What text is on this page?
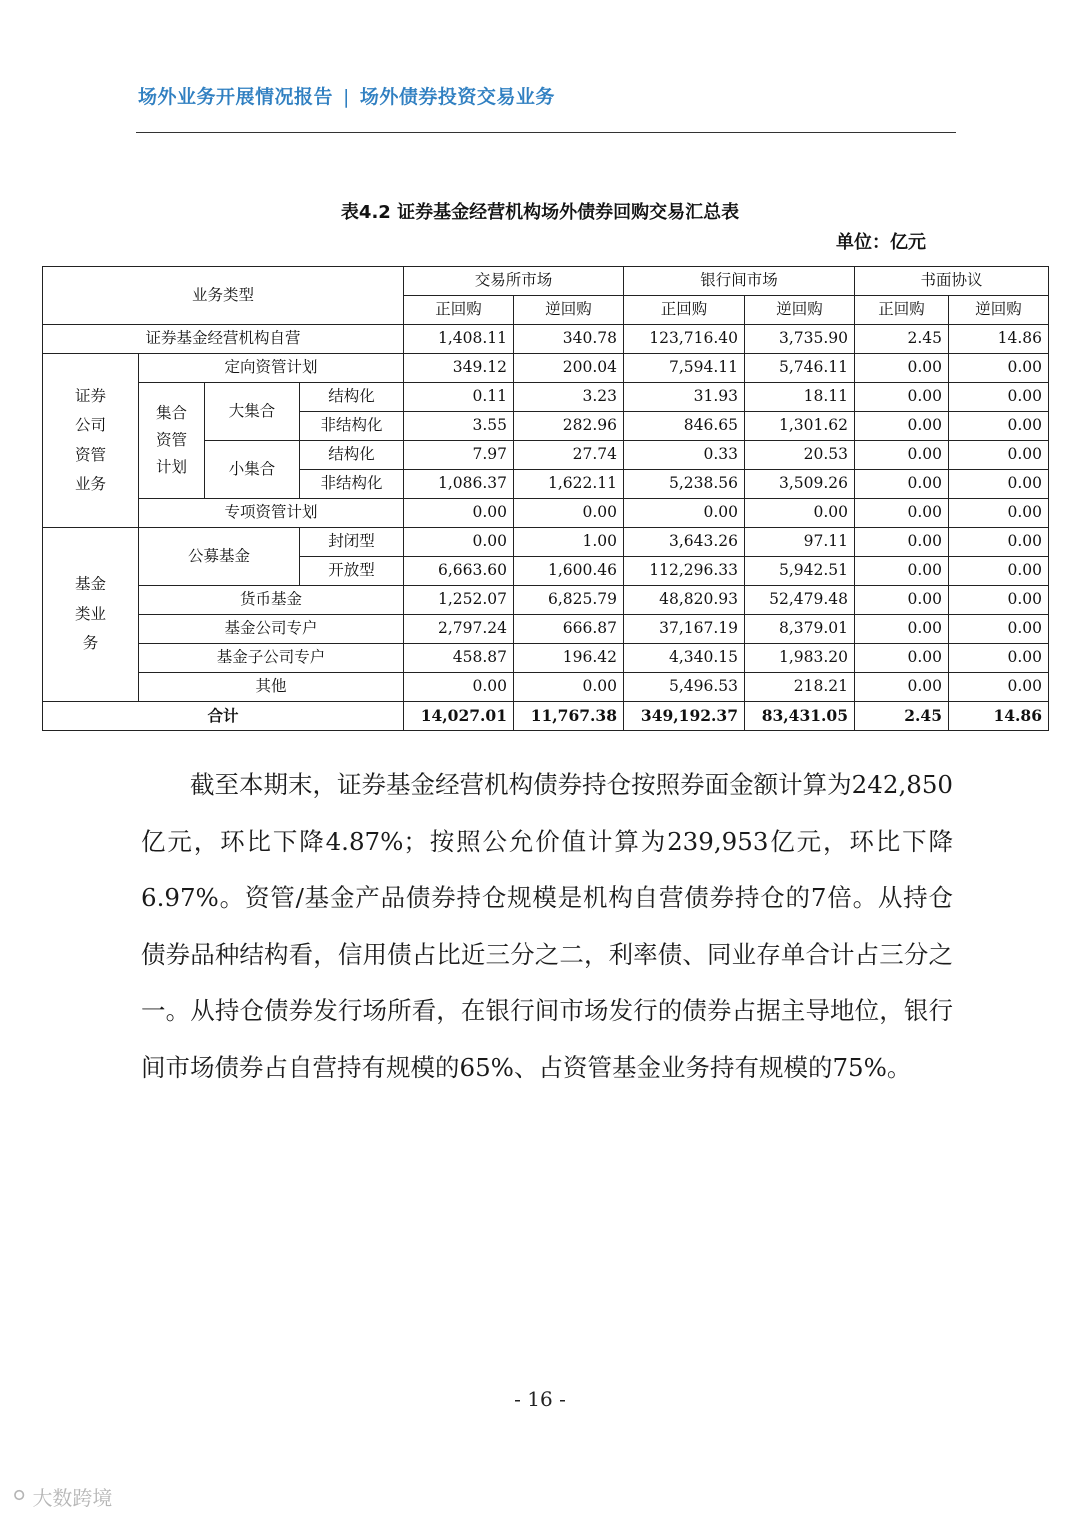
场外业务开展情况报告 | 场外债券投资交易业务
表4.2 证券基金经营机构场外债券回购交易汇总表
单位：亿元
业务类型				交易所市场		银行间市场		书面协议	
				正回购	逆回购	正回购	逆回购	正回购	逆回购
证券基金经营机构自营				1,408.11	340.78	123,716.40	3,735.90	2.45	14.86
证券公司资管业务	定向资管计划			349.12	200.04	7,594.11	5,746.11	0.00	0.00
	集合资管计划	大集合	结构化	0.11	3.23	31.93	18.11	0.00	0.00
			非结构化	3.55	282.96	846.65	1,301.62	0.00	0.00
		小集合	结构化	7.97	27.74	0.33	20.53	0.00	0.00
			非结构化	1,086.37	1,622.11	5,238.56	3,509.26	0.00	0.00
	专项资管计划			0.00	0.00	0.00	0.00	0.00	0.00
基金类业务	公募基金		封闭型	0.00	1.00	3,643.26	97.11	0.00	0.00
			开放型	6,663.60	1,600.46	112,296.33	5,942.51	0.00	0.00
	货币基金			1,252.07	6,825.79	48,820.93	52,479.48	0.00	0.00
	基金公司专户			2,797.24	666.87	37,167.19	8,379.01	0.00	0.00
	基金子公司专户			458.87	196.42	4,340.15	1,983.20	0.00	0.00
	其他			0.00	0.00	5,496.53	218.21	0.00	0.00
合计				14,027.01	11,767.38	349,192.37	83,431.05	2.45	14.86

截至本期末，证券基金经营机构债券持仓按照券面金额计算为242,850亿元，环比下降4.87%；按照公允价值计算为239,953亿元，环比下降6.97%。资管/基金产品债券持仓规模是机构自营债券持仓的7倍。从持仓债券品种结构看，信用债占比近三分之二，利率债、同业存单合计占三分之一。从持仓债券发行场所看，在银行间市场发行的债券占据主导地位，银行间市场债券占自营持有规模的65%、占资管基金业务持有规模的75%。

- 16 -
⚪ 大数跨境
